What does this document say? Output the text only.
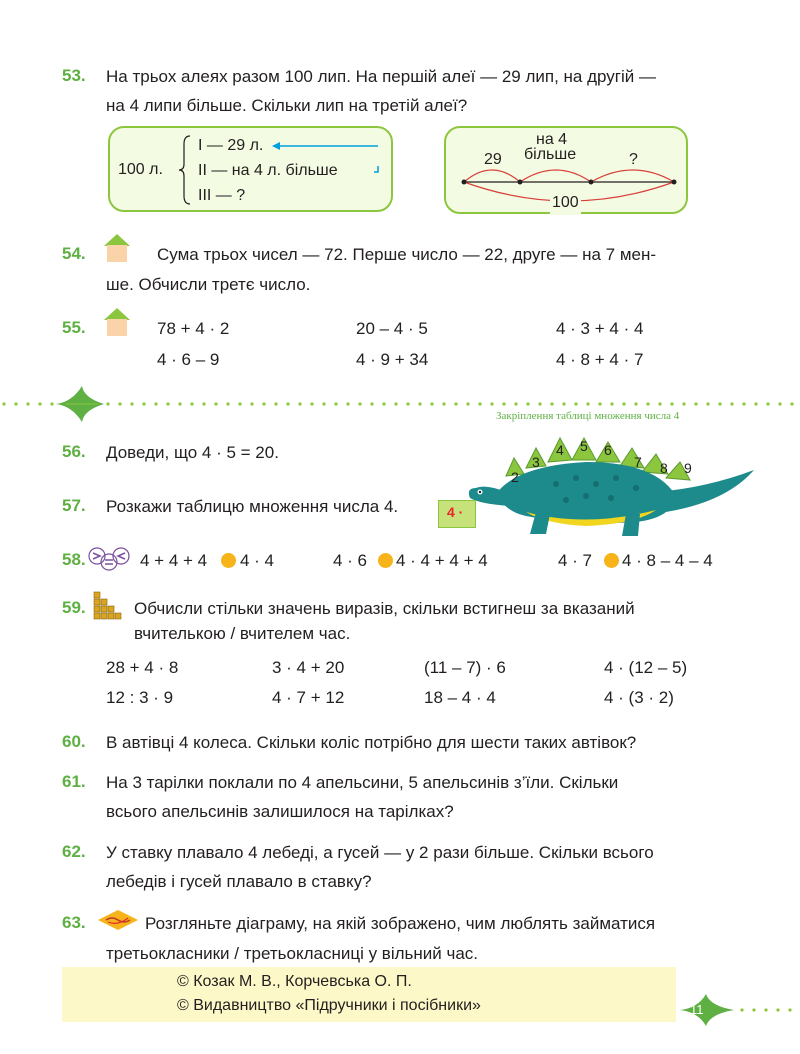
53. На трьох алеях разом 100 лип. На першій алеї — 29 лип, на другій —
на 4 липи більше. Скільки лип на третій алеї?
100 л.
I — 29 л.
II — на 4 л. більше
III — ?
29
на 4
більше	?
100
54.	Сума трьох чисел — 72. Перше число — 22, друге — на 7 мен-
ше. Обчисли третє число.
55.	78 + 4 · 2	20 – 4 · 5	4 · 3 + 4 · 4
4 · 6 – 9	4 · 9 + 34	4 · 8 + 4 · 7
Закріплення таблиці множення числа 4
56. Доведи, що 4 · 5 = 20.
57. Розкажи таблицю множення числа 4.
2
3
4 5 6
7 8 9
4 ·
58.	4 + 4 + 4 4 · 4	4 · 6 4 · 4 + 4 + 4	4 · 7 4 · 8 – 4 – 4
59.	Обчисли стільки значень виразів, скільки встигнеш за вказаний
вчителькою / вчителем час.
28 + 4 · 8	3 · 4 + 20	(11 – 7) · 6	4 · (12 – 5)
12 : 3 · 9	4 · 7 + 12	18 – 4 · 4	4 · (3 · 2)
60. В автівці 4 колеса. Скільки коліс потрібно для шести таких автівок?
61. На 3 тарілки поклали по 4 апельсини, 5 апельсинів з’їли. Скільки
всього апельсинів залишилося на тарілках?
62. У ставку плавало 4 лебеді, а гусей — у 2 рази більше. Скільки всього
лебедів і гусей плавало в ставку?
63.	Розгляньте діаграму, на якій зображено, чим люблять займатися
третьокласники / третьокласниці у вільний час.
© Козак М. В., Корчевська О. П.
© Видавництво «Підручники і посібники»	11
